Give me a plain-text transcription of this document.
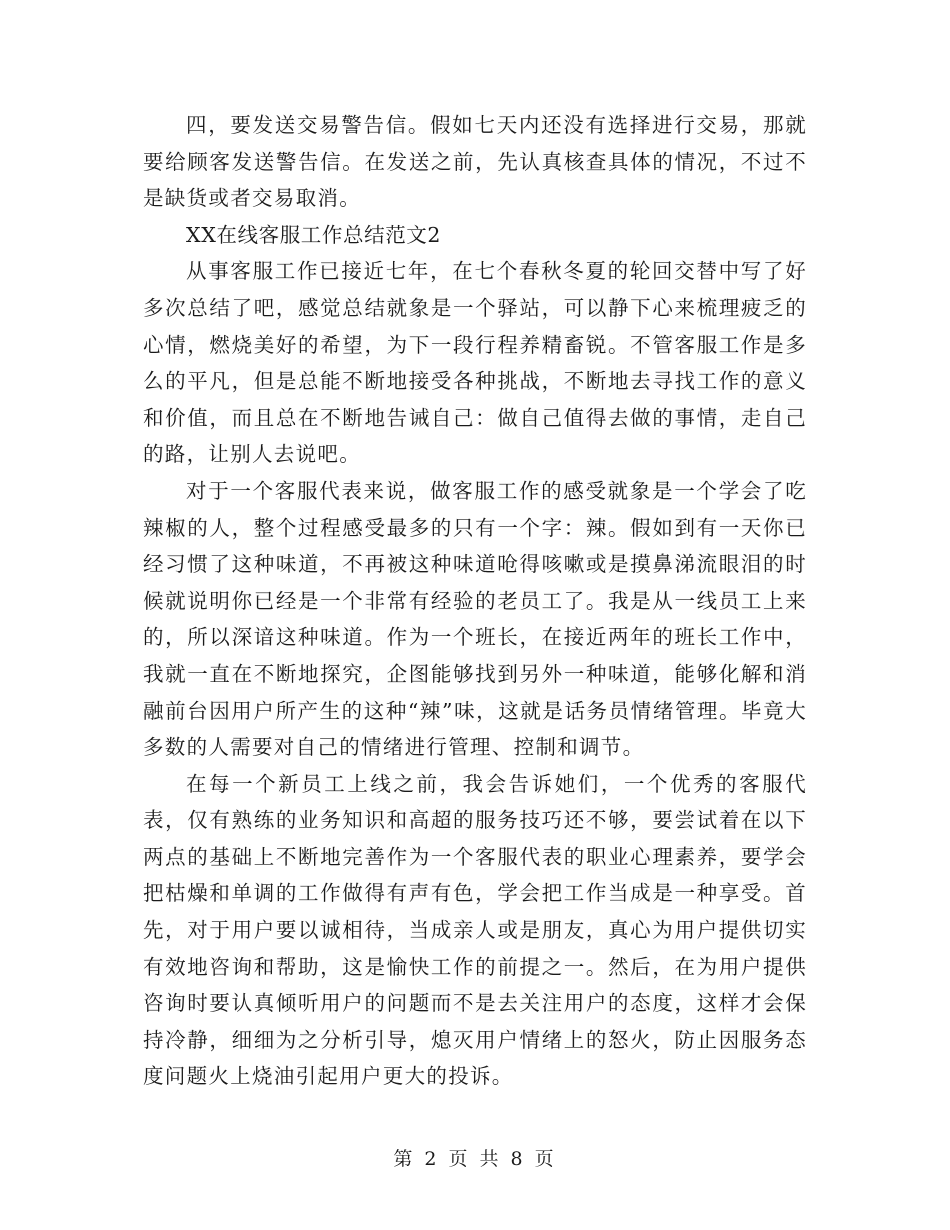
四，要发送交易警告信。假如七天内还没有选择进行交易，那就要给顾客发送警告信。在发送之前，先认真核查具体的情况，不过不是缺货或者交易取消。

XX在线客服工作总结范文2

从事客服工作已接近七年，在七个春秋冬夏的轮回交替中写了好多次总结了吧，感觉总结就象是一个驿站，可以静下心来梳理疲乏的心情，燃烧美好的希望，为下一段行程养精畜锐。不管客服工作是多么的平凡，但是总能不断地接受各种挑战，不断地去寻找工作的意义和价值，而且总在不断地告诫自己：做自己值得去做的事情，走自己的路，让别人去说吧。

对于一个客服代表来说，做客服工作的感受就象是一个学会了吃辣椒的人，整个过程感受最多的只有一个字：辣。假如到有一天你已经习惯了这种味道，不再被这种味道呛得咳嗽或是摸鼻涕流眼泪的时候就说明你已经是一个非常有经验的老员工了。我是从一线员工上来的，所以深谙这种味道。作为一个班长，在接近两年的班长工作中，我就一直在不断地探究，企图能够找到另外一种味道，能够化解和消融前台因用户所产生的这种“辣”味，这就是话务员情绪管理。毕竟大多数的人需要对自己的情绪进行管理、控制和调节。

在每一个新员工上线之前，我会告诉她们，一个优秀的客服代表，仅有熟练的业务知识和高超的服务技巧还不够，要尝试着在以下两点的基础上不断地完善作为一个客服代表的职业心理素养，要学会把枯燥和单调的工作做得有声有色，学会把工作当成是一种享受。首先，对于用户要以诚相待，当成亲人或是朋友，真心为用户提供切实有效地咨询和帮助，这是愉快工作的前提之一。然后，在为用户提供咨询时要认真倾听用户的问题而不是去关注用户的态度，这样才会保持冷静，细细为之分析引导，熄灭用户情绪上的怒火，防止因服务态度问题火上烧油引起用户更大的投诉。

第 2 页 共 8 页
